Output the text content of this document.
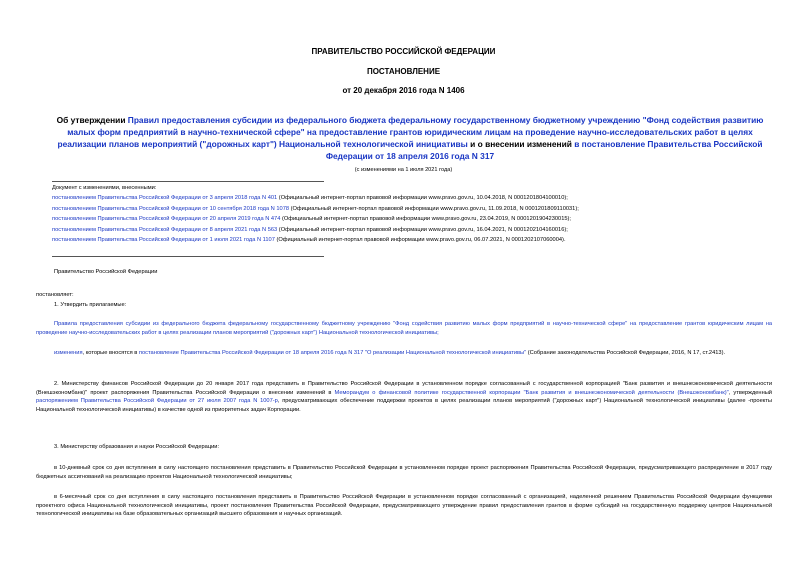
ПРАВИТЕЛЬСТВО РОССИЙСКОЙ ФЕДЕРАЦИИ
ПОСТАНОВЛЕНИЕ
от 20 декабря 2016 года N 1406
Об утверждении Правил предоставления субсидии из федерального бюджета федеральному государственному бюджетному учреждению "Фонд содействия развитию малых форм предприятий в научно-технической сфере" на предоставление грантов юридическим лицам на проведение научно-исследовательских работ в целях реализации планов мероприятий ("дорожных карт") Национальной технологической инициативы и о внесении изменений в постановление Правительства Российской Федерации от 18 апреля 2016 года N 317
(с изменениями на 1 июля 2021 года)
Документ с изменениями, внесенными:
постановлением Правительства Российской Федерации от 3 апреля 2018 года N 401 (Официальный интернет-портал правовой информации www.pravo.gov.ru, 10.04.2018, N 0001201804100010);
постановлением Правительства Российской Федерации от 10 сентября 2018 года N 1078 (Официальный интернет-портал правовой информации www.pravo.gov.ru, 11.09.2018, N 0001201809110031);
постановлением Правительства Российской Федерации от 20 апреля 2019 года N 474 (Официальный интернет-портал правовой информации www.pravo.gov.ru, 23.04.2019, N 0001201904230015);
постановлением Правительства Российской Федерации от 8 апреля 2021 года N 563 (Официальный интернет-портал правовой информации www.pravo.gov.ru, 16.04.2021, N 0001202104160016);
постановлением Правительства Российской Федерации от 1 июля 2021 года N 1107 (Официальный интернет-портал правовой информации www.pravo.gov.ru, 06.07.2021, N 0001202107060004).
Правительство Российской Федерации
постановляет:
1. Утвердить прилагаемые:
Правила предоставления субсидии из федерального бюджета федеральному государственному бюджетному учреждению "Фонд содействия развитию малых форм предприятий в научно-технической сфере" на предоставление грантов юридическим лицам на проведение научно-исследовательских работ в целях реализации планов мероприятий ("дорожных карт") Национальной технологической инициативы;
изменения, которые вносятся в постановление Правительства Российской Федерации от 18 апреля 2016 года N 317 "О реализации Национальной технологической инициативы" (Собрание законодательства Российской Федерации, 2016, N 17, ст.2413).
2. Министерству финансов Российской Федерации до 20 января 2017 года представить в Правительство Российской Федерации в установленном порядке согласованный с государственной корпорацией "Банк развития и внешнеэкономической деятельности (Внешэкономбанк)" проект распоряжения Правительства Российской Федерации о внесении изменений в Меморандум о финансовой политике государственной корпорации "Банк развития и внешнеэкономической деятельности (Внешэкономбанк)", утвержденный распоряжением Правительства Российской Федерации от 27 июля 2007 года N 1007-р, предусматривающих обеспечение поддержки проектов в целях реализации планов мероприятий ("дорожных карт") Национальной технологической инициативы (далее -проекты Национальной технологической инициативы) в качестве одной из приоритетных задач Корпорации.
3. Министерству образования и науки Российской Федерации:
в 10-дневный срок со дня вступления в силу настоящего постановления представить в Правительство Российской Федерации в установленном порядке проект распоряжения Правительства Российской Федерации, предусматривающего распределение в 2017 году бюджетных ассигнований на реализацию проектов Национальной технологической инициативы;
в 6-месячный срок со дня вступления в силу настоящего постановления представить в Правительство Российской Федерации в установленном порядке согласованный с организацией, наделенной решением Правительства Российской Федерации функциями проектного офиса Национальной технологической инициативы, проект постановления Правительства Российской Федерации, предусматривающего утверждение правил предоставления грантов в форме субсидий на государственную поддержку центров Национальной технологической инициативы на базе образовательных организаций высшего образования и научных организаций.
